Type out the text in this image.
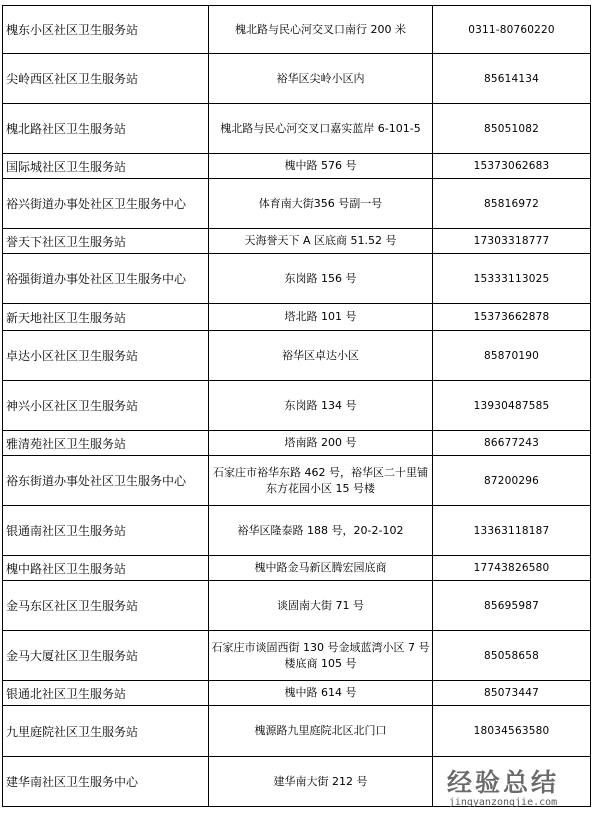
槐东小区社区卫生服务站	槐北路与民心河交叉口南行 200 米	0311-80760220
尖岭西区社区卫生服务站	裕华区尖岭小区内	85614134
槐北路社区卫生服务站	槐北路与民心河交叉口嘉实蓝岸 6-101-5	85051082
国际城社区卫生服务站	槐中路 576 号	15373062683
裕兴街道办事处社区卫生服务中心	体育南大街356 号副一号	85816972
誉天下社区卫生服务站	天海誉天下 A 区底商 51.52 号	17303318777
裕强街道办事处社区卫生服务中心	东岗路 156 号	15333113025
新天地社区卫生服务站	塔北路 101 号	15373662878
卓达小区社区卫生服务站	裕华区卓达小区	85870190
神兴小区社区卫生服务站	东岗路 134 号	13930487585
雅清苑社区卫生服务站	塔南路 200 号	86677243
裕东街道办事处社区卫生服务中心	石家庄市裕华东路 462 号，裕华区二十里铺东方花园小区 15 号楼	87200296
银通南社区卫生服务站	裕华区隆泰路 188 号，20-2-102	13363118187
槐中路社区卫生服务站	槐中路金马新区腾宏园底商	17743826580
金马东区社区卫生服务站	谈固南大街 71 号	85695987
金马大厦社区卫生服务站	石家庄市谈固西街 130 号金域蓝湾小区 7 号楼底商 105 号	85058658
银通北社区卫生服务站	槐中路 614 号	85073447
九里庭院社区卫生服务站	槐源路九里庭院北区北门口	18034563580
建华南社区卫生服务中心	建华南大街 212 号		经验总结
jingyanzongjie.com
